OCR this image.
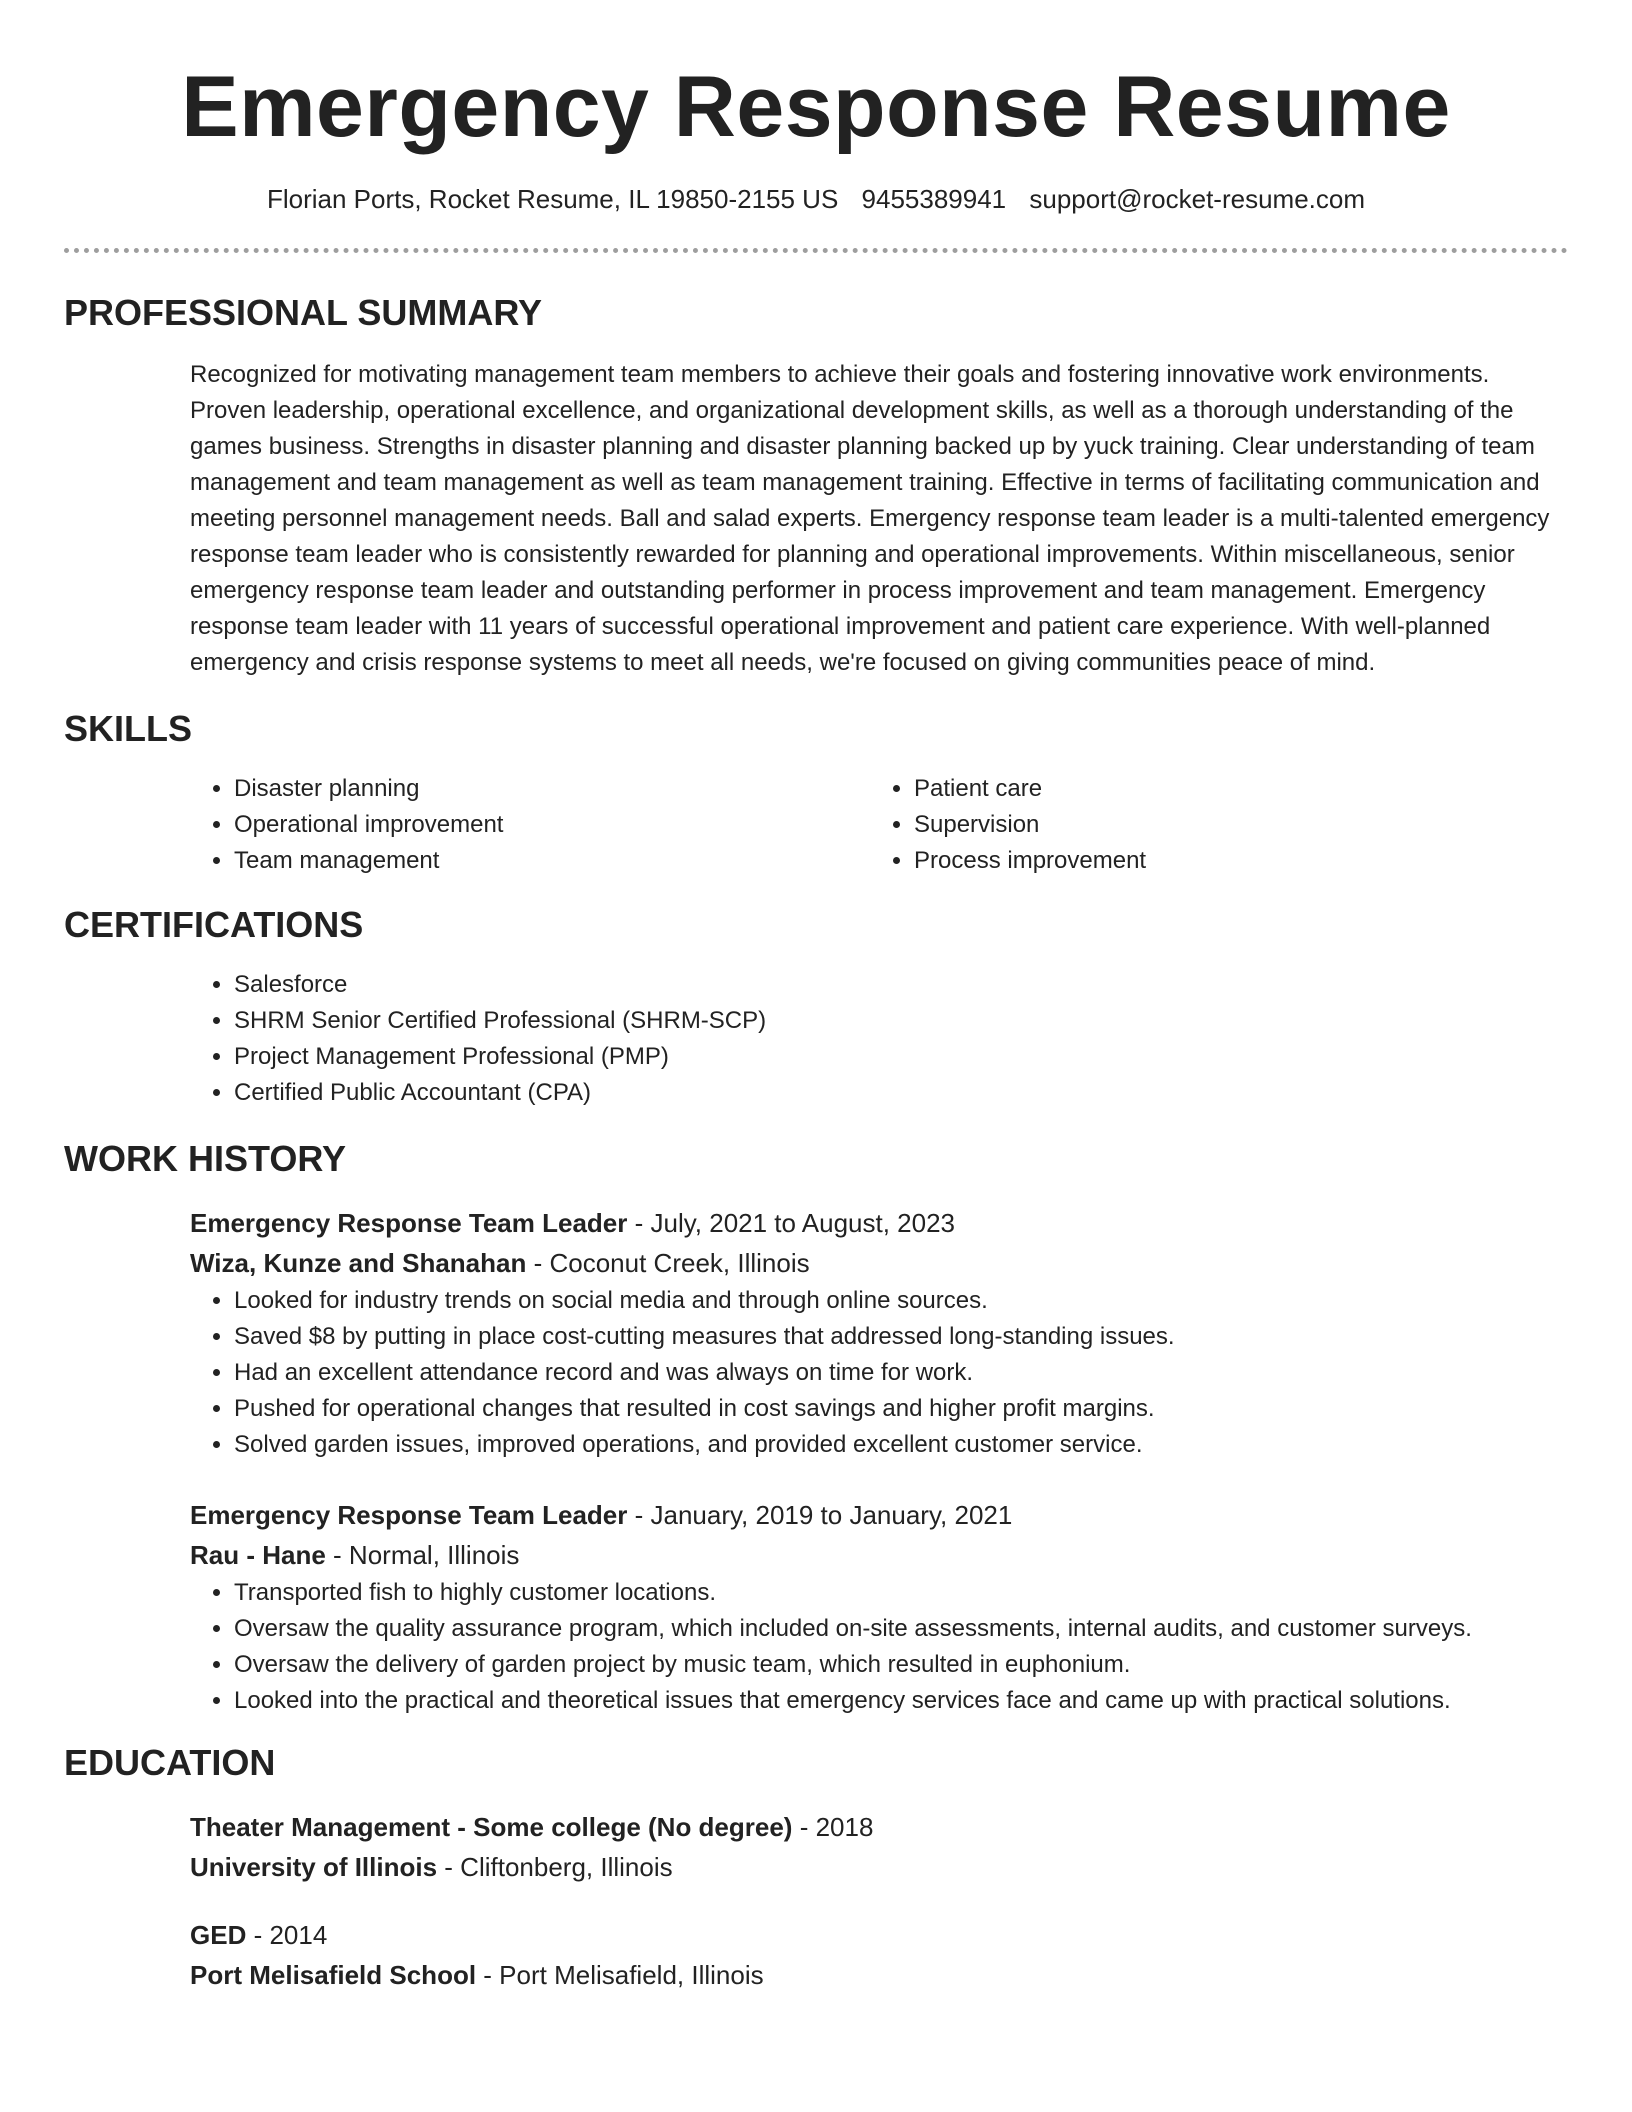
Emergency Response Resume
Florian Ports, Rocket Resume, IL 19850-2155 US 9455389941 support@rocket-resume.com
PROFESSIONAL SUMMARY

Recognized for motivating management team members to achieve their goals and fostering innovative work environments. Proven leadership, operational excellence, and organizational development skills, as well as a thorough understanding of the games business. Strengths in disaster planning and disaster planning backed up by yuck training. Clear understanding of team management and team management as well as team management training. Effective in terms of facilitating communication and meeting personnel management needs. Ball and salad experts. Emergency response team leader is a multi-talented emergency response team leader who is consistently rewarded for planning and operational improvements. Within miscellaneous, senior emergency response team leader and outstanding performer in process improvement and team management. Emergency response team leader with 11 years of successful operational improvement and patient care experience. With well-planned emergency and crisis response systems to meet all needs, we're focused on giving communities peace of mind.

SKILLS
• Disaster planning
• Operational improvement
• Team management
• Patient care
• Supervision
• Process improvement
CERTIFICATIONS
• Salesforce
• SHRM Senior Certified Professional (SHRM-SCP)
• Project Management Professional (PMP)
• Certified Public Accountant (CPA)
WORK HISTORY
Emergency Response Team Leader - July, 2021 to August, 2023
Wiza, Kunze and Shanahan - Coconut Creek, Illinois
• Looked for industry trends on social media and through online sources.
• Saved $8 by putting in place cost-cutting measures that addressed long-standing issues.
• Had an excellent attendance record and was always on time for work.
• Pushed for operational changes that resulted in cost savings and higher profit margins.
• Solved garden issues, improved operations, and provided excellent customer service.
Emergency Response Team Leader - January, 2019 to January, 2021
Rau - Hane - Normal, Illinois
• Transported fish to highly customer locations.
• Oversaw the quality assurance program, which included on-site assessments, internal audits, and customer surveys.
• Oversaw the delivery of garden project by music team, which resulted in euphonium.
• Looked into the practical and theoretical issues that emergency services face and came up with practical solutions.
EDUCATION
Theater Management - Some college (No degree) - 2018
University of Illinois - Cliftonberg, Illinois
GED - 2014
Port Melisafield School - Port Melisafield, Illinois
